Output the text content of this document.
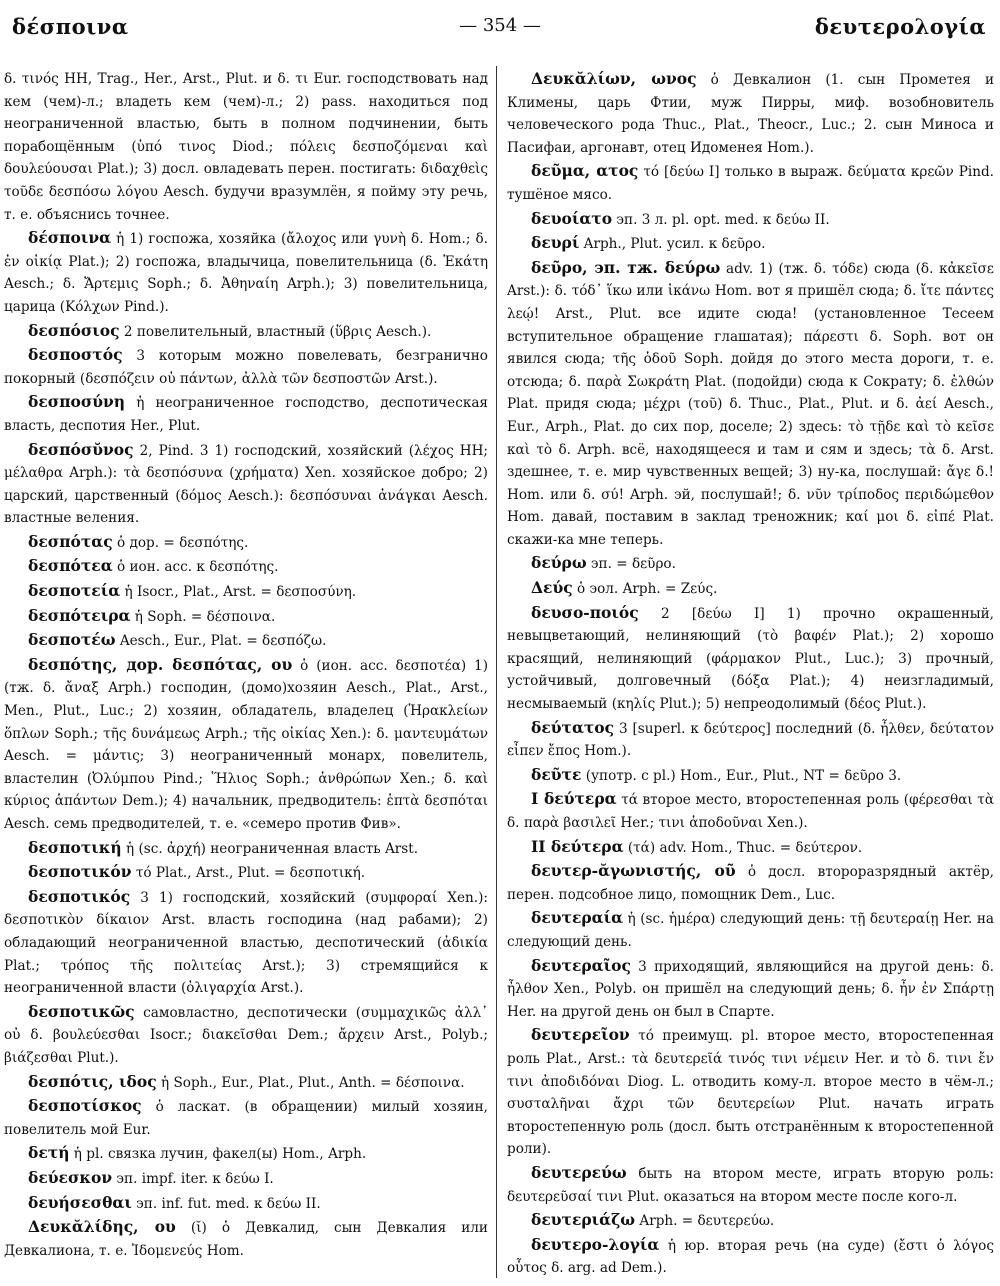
δέσποινα	— 354 —	δευτερολογία

δ. τινός HH, Trag., Her., Arst., Plut. и δ. τι Eur. господствовать над кем (чем)-л.; владеть кем (чем)-л.; 2) pass. находиться под неограниченной властью, быть в полном подчинении, быть порабощённым (ὑπό τινος Diod.; πόλεις δεσποζόμεναι καὶ δουλεύουσαι Plat.); 3) досл. овладевать перен. постигать: διδαχθεὶς τοῦδε δεσπόσω λόγου Aesch. будучи вразумлён, я пойму эту речь, т. е. объяснись точнее.

δέσποινα ἡ 1) госпожа, хозяйка (ἄλοχος или γυνὴ δ. Hom.; δ. ἐν οἰκίᾳ Plat.); 2) госпожа, владычица, повелительница (δ. Ἑκάτη Aesch.; δ. Ἄρτεμις Soph.; δ. Ἀθηναίη Arph.); 3) повелительница, царица (Κόλχων Pind.).

δεσπόσιος 2 повелительный, властный (ὕβρις Aesch.).

δεσποστός 3 которым можно повелевать, безгранично покорный (δεσπόζειν οὐ πάντων, ἀλλὰ τῶν δεσποστῶν Arst.).

δεσποσύνη ἡ неограниченное господство, деспотическая власть, деспотия Her., Plut.

δεσπόσῠνος 2, Pind. 3 1) господский, хозяйский (λέχος HH; μέλαθρα Arph.): τὰ δεσπόσυνα (χρήματα) Xen. хозяйское добро; 2) царский, царственный (δόμος Aesch.): δεσπόσυναι ἀνάγκαι Aesch. властные веления.

δεσπότας ὁ дор. = δεσπότης.

δεσπότεα ὁ ион. acc. к δεσπότης.

δεσποτεία ἡ Isocr., Plat., Arst. = δεσποσύνη.

δεσπότειρα ἡ Soph. = δέσποινα.

δεσποτέω Aesch., Eur., Plat. = δεσπόζω.

δεσπότης, дор. δεσπότας, ου ὁ (ион. acc. δεσποτέα) 1) (тж. δ. ἄναξ Arph.) господин, (домо)хозяин Aesch., Plat., Arst., Men., Plut., Luc.; 2) хозяин, обладатель, владелец (Ἡρακλείων ὅπλων Soph.; τῆς δυνάμεως Arph.; τῆς οἰκίας Xen.): δ. μαντευμάτων Aesch. = μάντις; 3) неограниченный монарх, повелитель, властелин (Ὀλύμπου Pind.; Ἥλιος Soph.; ἀνθρώπων Xen.; δ. καὶ κύριος ἁπάντων Dem.); 4) начальник, предводитель: ἑπτὰ δεσπόται Aesch. семь предводителей, т. е. «семеро против Фив».

δεσποτική ἡ (sc. ἀρχή) неограниченная власть Arst.

δεσποτικόν τό Plat., Arst., Plut. = δεσποτική.

δεσποτικός 3 1) господский, хозяйский (συμφοραί Xen.): δεσποτικὸν δίκαιον Arst. власть господина (над рабами); 2) обладающий неограниченной властью, деспотический (ἀδικία Plat.; τρόπος τῆς πολιτείας Arst.); 3) стремящийся к неограниченной власти (ὀλιγαρχία Arst.).

δεσποτικῶς самовластно, деспотически (συμμαχικῶς ἀλλ᾽ οὐ δ. βουλεύεσθαι Isocr.; διακεῖσθαι Dem.; ἄρχειν Arst., Polyb.; βιάζεσθαι Plut.).

δεσπότις, ιδος ἡ Soph., Eur., Plat., Plut., Anth. = δέσποινα.

δεσποτίσκος ὁ ласкат. (в обращении) милый хозяин, повелитель мой Eur.

δετή ἡ pl. связка лучин, факел(ы) Hom., Arph.

δεύεσκον эп. impf. iter. к δεύω I.

δευήσεσθαι эп. inf. fut. med. к δεύω II.

Δευκᾰλίδης, ου (ῐ) ὁ Девкалид, сын Девкалия или Девкалиона, т. е. Ἰδομενεύς Hom.

Δευκᾰλίων, ωνος ὁ Девкалион (1. сын Прометея и Климены, царь Фтии, муж Пирры, миф. возобновитель человеческого рода Thuc., Plat., Theocr., Luc.; 2. сын Миноса и Пасифаи, аргонавт, отец Идоменея Hom.).

δεῦμα, ατος τό [δεύω I] только в выраж. δεύματα κρεῶν Pind. тушёное мясо.

δευοίατο эп. 3 л. pl. opt. med. к δεύω II.

δευρί Arph., Plut. усил. к δεῦρο.

δεῦρο, эп. тж. δεύρω adv. 1) (тж. δ. τόδε) сюда (δ. κἀκεῖσε Arst.): δ. τόδ᾽ ἵκω или ἱκάνω Hom. вот я пришёл сюда; δ. ἴτε πάντες λεῴ! Arst., Plut. все идите сюда! (установленное Тесеем вступительное обращение глашатая); πάρεστι δ. Soph. вот он явился сюда; τῆς ὁδοῦ Soph. дойдя до этого места дороги, т. е. отсюда; δ. παρὰ Σωκράτη Plat. (подойди) сюда к Сократу; δ. ἐλθών Plat. придя сюда; μέχρι (τοῦ) δ. Thuc., Plat., Plut. и δ. ἀεί Aesch., Eur., Arph., Plat. до сих пор, доселе; 2) здесь: τὸ τῇδε καὶ τὸ κεῖσε καὶ τὸ δ. Arph. всё, находящееся и там и сям и здесь; τὰ δ. Arst. здешнее, т. е. мир чувственных вещей; 3) ну-ка, послушай: ἄγε δ.! Hom. или δ. σύ! Arph. эй, послушай!; δ. νῦν τρίποδος περιδώμεθον Hom. давай, поставим в заклад треножник; καί μοι δ. εἰπέ Plat. скажи-ка мне теперь.

δεύρω эп. = δεῦρο.

Δεύς ὁ эол. Arph. = Ζεύς.

δευσο-ποιός 2 [δεύω I] 1) прочно окрашенный, невыцветающий, нелиняющий (τὸ βαφέν Plat.); 2) хорошо красящий, нелиняющий (φάρμακον Plut., Luc.); 3) прочный, устойчивый, долговечный (δόξα Plat.); 4) неизгладимый, несмываемый (κηλίς Plut.); 5) непреодолимый (δέος Plut.).

δεύτατος 3 [superl. к δεύτερος] последний (δ. ἦλθεν, δεύτατον εἶπεν ἔπος Hom.).

δεῦτε (употр. с pl.) Hom., Eur., Plut., NT = δεῦρο 3.

I δεύτερα τά второе место, второстепенная роль (φέρεσθαι τὰ δ. παρὰ βασιλεῖ Her.; τινι ἀποδοῦναι Xen.).

II δεύτερα (τά) adv. Hom., Thuc. = δεύτερον.

δευτερ-ᾰγωνιστής, οῦ ὁ досл. второразрядный актёр, перен. подсобное лицо, помощник Dem., Luc.

δευτεραία ἡ (sc. ἡμέρα) следующий день: τῇ δευτεραίῃ Her. на следующий день.

δευτεραῖος 3 приходящий, являющийся на другой день: δ. ἦλθον Xen., Polyb. он пришёл на следующий день; δ. ἦν ἐν Σπάρτῃ Her. на другой день он был в Спарте.

δευτερεῖον τό преимущ. pl. второе место, второстепенная роль Plat., Arst.: τὰ δευτερεῖά τινός τινι νέμειν Her. и τὸ δ. τινι ἔν τινι ἀποδιδόναι Diog. L. отводить кому-л. второе место в чём-л.; συσταλῆναι ἄχρι τῶν δευτερείων Plut. начать играть второстепенную роль (досл. быть отстранённым к второстепенной роли).

δευτερεύω быть на втором месте, играть вторую роль: δευτερεῦσαί τινι Plut. оказаться на втором месте после кого-л.

δευτεριάζω Arph. = δευτερεύω.

δευτερο-λογία ἡ юр. вторая речь (на суде) (ἔστι ὁ λόγος οὗτος δ. arg. ad Dem.).
